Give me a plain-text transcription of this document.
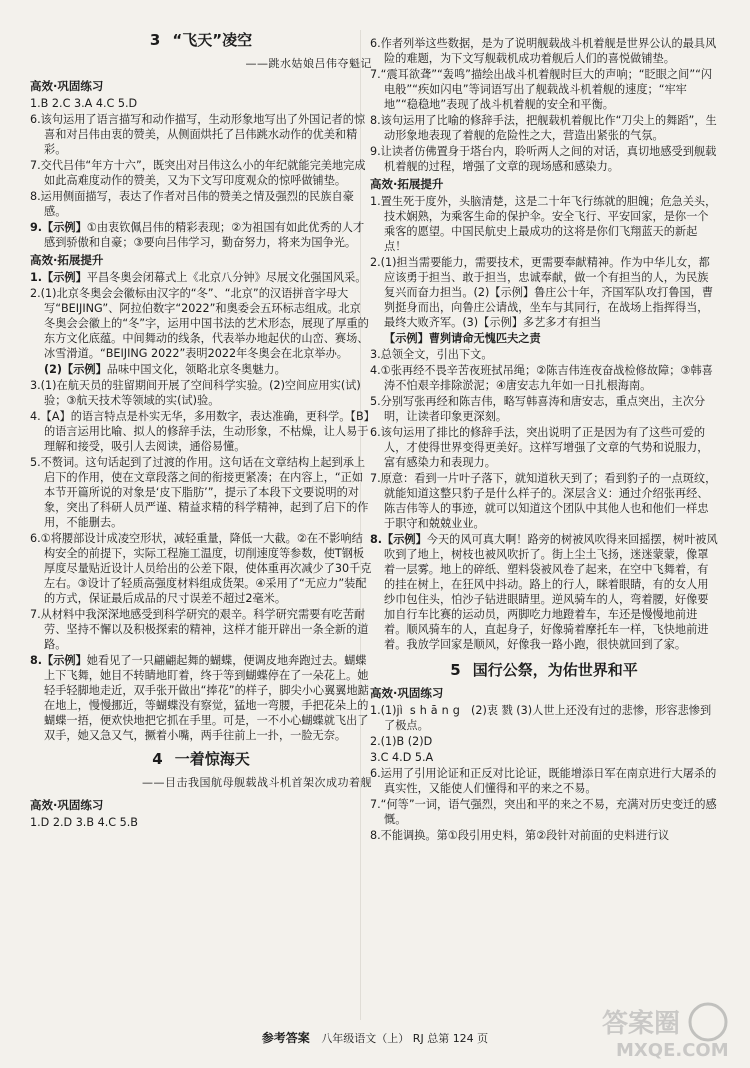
3 “飞天”凌空
——跳水姑娘吕伟夺魁记
高效·巩固练习
1.B 2.C 3.A 4.C 5.D
6.该句运用了语言描写和动作描写，生动形象地写出了外国记者的惊喜和对吕伟由衷的赞美，从侧面烘托了吕伟跳水动作的优美和精彩。
7.交代吕伟“年方十六”，既突出对吕伟这么小的年纪就能完美地完成如此高难度动作的赞美，又为下文写印度观众的惊呼做铺垫。
8.运用侧面描写，表达了作者对吕伟的赞美之情及强烈的民族自豪感。
9.【示例】①由衷钦佩吕伟的精彩表现；②为祖国有如此优秀的人才感到骄傲和自豪；③要向吕伟学习，勤奋努力，将来为国争光。
高效·拓展提升
1.【示例】平昌冬奥会闭幕式上《北京八分钟》尽展文化强国风采。
2.(1)北京冬奥会会徽标由汉字的“冬”、“北京”的汉语拼音字母大写“BEIJING”、阿拉伯数字“2022”和奥委会五环标志组成。北京冬奥会会徽上的“冬”字，运用中国书法的艺术形态，展现了厚重的东方文化底蕴。中间舞动的线条，代表举办地起伏的山峦、赛场、冰雪滑道。“BEIJING 2022”表明2022年冬奥会在北京举办。
(2)【示例】品味中国文化，领略北京冬奥魅力。
3.(1)在航天员的驻留期间开展了空间科学实验。(2)空间应用实(试)验；③航天技术等领域的实(试)验。
4.【A】的语言特点是朴实无华，多用数字，表达准确，更科学。【B】的语言运用比喻、拟人的修辞手法，生动形象，不枯燥，让人易于理解和接受，吸引人去阅读，通俗易懂。
5.不赘词。这句话起到了过渡的作用。这句话在文章结构上起到承上启下的作用，使在文章段落之间的衔接更紧凑；在内容上，“正如本节开篇所说的对象是‘皮下脂肪’”，提示了本段下文要说明的对象，突出了科研人员严谨、精益求精的科学精神，起到了启下的作用，不能删去。
6.①将腰部设计成凌空形状，减轻重量，降低一大截。②在不影响结构安全的前提下，实际工程施工温度，切削速度等参数，使T钢板厚度尽量贴近设计人员给出的公差下限，使体重再次减少了30千克左右。③设计了轻质高强度材料组成货架。④采用了“无应力”装配的方式，保证最后成品的尺寸误差不超过2毫米。
7.从材料中我深深地感受到科学研究的艰辛。科学研究需要有吃苦耐劳、坚持不懈以及积极探索的精神，这样才能开辟出一条全新的道路。
8.【示例】她看见了一只翩翩起舞的蝴蝶，便调皮地奔跑过去。蝴蝶上下飞舞，她目不转睛地盯着，终于等到蝴蝶停在了一朵花上。她轻手轻脚地走近，双手张开做出“捧花”的样子，脚尖小心翼翼地踮在地上，慢慢挪近，等蝴蝶没有察觉，猛地一弯腰，手把花朵上的蝴蝶一捂，便欢快地把它抓在手里。可是，一不小心蝴蝶就飞出了双手，她又急又气，撅着小嘴，两手往前上一扑，一脸无奈。
4 一着惊海天
——目击我国航母舰载战斗机首架次成功着舰
高效·巩固练习
1.D 2.D 3.B 4.C 5.B
6.作者列举这些数据，是为了说明舰载战斗机着舰是世界公认的最具风险的难题，为下文写舰载机成功着舰后人们的喜悦做铺垫。
7.“震耳欲聋”“轰鸣”描绘出战斗机着舰时巨大的声响；“眨眼之间”“闪电般”“疾如闪电”等词语写出了舰载战斗机着舰的速度；“牢牢地”“稳稳地”表现了战斗机着舰的安全和平衡。
8.该句运用了比喻的修辞手法，把舰载机着舰比作“刀尖上的舞蹈”，生动形象地表现了着舰的危险性之大，营造出紧张的气氛。
9.让读者仿佛置身于塔台内，聆听两人之间的对话，真切地感受到舰载机着舰的过程，增强了文章的现场感和感染力。
高效·拓展提升
1.置生死于度外，头脑清楚，这是二十年飞行练就的胆魄；危急关头，技术娴熟，为乘客生命的保护伞。安全飞行、平安回家，是你一个乘客的愿望。中国民航史上最成功的这将是你们飞翔蓝天的新起点！
2.(1)担当需要能力，需要技术，更需要奉献精神。作为中华儿女，都应该勇于担当、敢于担当，忠诚奉献，做一个有担当的人，为民族复兴而奋力担当。(2)【示例】鲁庄公十年，齐国军队攻打鲁国，曹刿挺身而出，向鲁庄公请战，坐车与其同行，在战场上指挥得当，最终大败齐军。(3)【示例】多艺多才有担当
【示例】曹刿请命无愧匹夫之责
3.总领全文，引出下文。
4.①张再经不畏辛苦夜班拭吊绳；②陈吉伟连夜奋战检修故障；③韩喜涛不怕艰辛排除淤泥；④唐安志九年如一日扎根海南。
5.分别写张再经和陈吉伟，略写韩喜涛和唐安志，重点突出，主次分明，让读者印象更深刻。
6.该句运用了排比的修辞手法，突出说明了正是因为有了这些可爱的人，才使得世界变得更美好。这样写增强了文章的气势和说服力，富有感染力和表现力。
7.原意：看到一片叶子落下，就知道秋天到了；看到豹子的一点斑纹，就能知道这整只豹子是什么样子的。深层含义：通过介绍张再经、陈吉伟等人的事迹，就可以知道这个团队中其他人也和他们一样忠于职守和兢兢业业。
8.【示例】今天的风可真大啊！路旁的树被风吹得来回摇摆，树叶被风吹到了地上，树枝也被风吹折了。街上尘土飞扬，迷迷蒙蒙，像罩着一层雾。地上的碎纸、塑料袋被风卷了起来，在空中飞舞着，有的挂在树上，在狂风中抖动。路上的行人，眯着眼睛，有的女人用纱巾包住头，怕沙子钻进眼睛里。逆风骑车的人，弯着腰，好像要加自行车比赛的运动员，两脚吃力地蹬着车，车还是慢慢地前进着。顺风骑车的人，直起身子，好像骑着摩托车一样，飞快地前进着。我放学回家是顺风，好像我一路小跑，很快就回到了家。
5 国行公祭，为佑世界和平
高效·巩固练习
1.(1)jì shāng (2)衷 戮 (3)人世上还没有过的悲惨，形容悲惨到了极点。
2.(1)B (2)D
3.C 4.D 5.A
6.运用了引用论证和正反对比论证，既能增添日军在南京进行大屠杀的真实性，又能使人们懂得和平的来之不易。
7.“何等”一词，语气强烈，突出和平的来之不易，充满对历史变迁的感慨。
8.不能调换。第①段引用史料，第②段针对前面的史料进行议
参考答案 八年级语文（上） RJ 总第 124 页	答案圈
MXQE.COM
